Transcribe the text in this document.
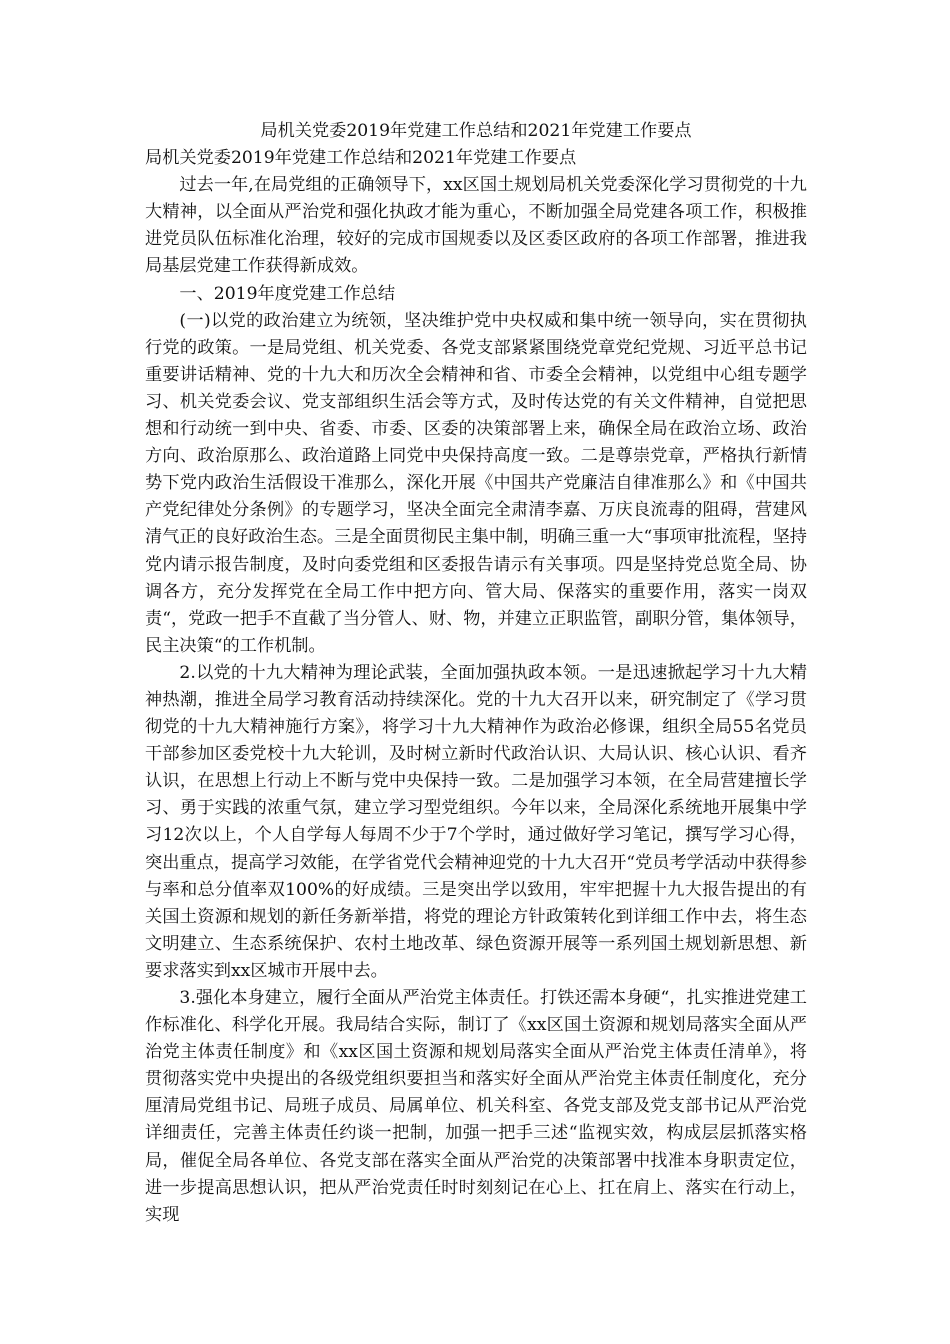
局机关党委2019年党建工作总结和2021年党建工作要点

局机关党委2019年党建工作总结和2021年党建工作要点

过去一年,在局党组的正确领导下，xx区国土规划局机关党委深化学习贯彻党的十九大精神，以全面从严治党和强化执政才能为重心，不断加强全局党建各项工作，积极推进党员队伍标准化治理，较好的完成市国规委以及区委区政府的各项工作部署，推进我局基层党建工作获得新成效。

一、2019年度党建工作总结

(一)以党的政治建立为统领，坚决维护党中央权威和集中统一领导向，实在贯彻执行党的政策。一是局党组、机关党委、各党支部紧紧围绕党章党纪党规、习近平总书记重要讲话精神、党的十九大和历次全会精神和省、市委全会精神，以党组中心组专题学习、机关党委会议、党支部组织生活会等方式，及时传达党的有关文件精神，自觉把思想和行动统一到中央、省委、市委、区委的决策部署上来，确保全局在政治立场、政治方向、政治原那么、政治道路上同党中央保持高度一致。二是尊崇党章，严格执行新情势下党内政治生活假设干准那么，深化开展《中国共产党廉洁自律准那么》和《中国共产党纪律处分条例》的专题学习，坚决全面完全肃清李嘉、万庆良流毒的阻碍，营建风清气正的良好政治生态。三是全面贯彻民主集中制，明确三重一大“事项审批流程，坚持党内请示报告制度，及时向委党组和区委报告请示有关事项。四是坚持党总览全局、协调各方，充分发挥党在全局工作中把方向、管大局、保落实的重要作用，落实一岗双责“，党政一把手不直截了当分管人、财、物，并建立正职监管，副职分管，集体领导，民主决策“的工作机制。

2.以党的十九大精神为理论武装，全面加强执政本领。一是迅速掀起学习十九大精神热潮，推进全局学习教育活动持续深化。党的十九大召开以来，研究制定了《学习贯彻党的十九大精神施行方案》，将学习十九大精神作为政治必修课，组织全局55名党员干部参加区委党校十九大轮训，及时树立新时代政治认识、大局认识、核心认识、看齐认识，在思想上行动上不断与党中央保持一致。二是加强学习本领，在全局营建擅长学习、勇于实践的浓重气氛，建立学习型党组织。今年以来，全局深化系统地开展集中学习12次以上，个人自学每人每周不少于7个学时，通过做好学习笔记，撰写学习心得，突出重点，提高学习效能，在学省党代会精神迎党的十九大召开“党员考学活动中获得参与率和总分值率双100%的好成绩。三是突出学以致用，牢牢把握十九大报告提出的有关国土资源和规划的新任务新举措，将党的理论方针政策转化到详细工作中去，将生态文明建立、生态系统保护、农村土地改革、绿色资源开展等一系列国土规划新思想、新要求落实到xx区城市开展中去。

3.强化本身建立，履行全面从严治党主体责任。打铁还需本身硬“，扎实推进党建工作标准化、科学化开展。我局结合实际，制订了《xx区国土资源和规划局落实全面从严治党主体责任制度》和《xx区国土资源和规划局落实全面从严治党主体责任清单》，将贯彻落实党中央提出的各级党组织要担当和落实好全面从严治党主体责任制度化，充分厘清局党组书记、局班子成员、局属单位、机关科室、各党支部及党支部书记从严治党详细责任，完善主体责任约谈一把制，加强一把手三述“监视实效，构成层层抓落实格局，催促全局各单位、各党支部在落实全面从严治党的决策部署中找准本身职责定位，进一步提高思想认识，把从严治党责任时时刻刻记在心上、扛在肩上、落实在行动上，实现
